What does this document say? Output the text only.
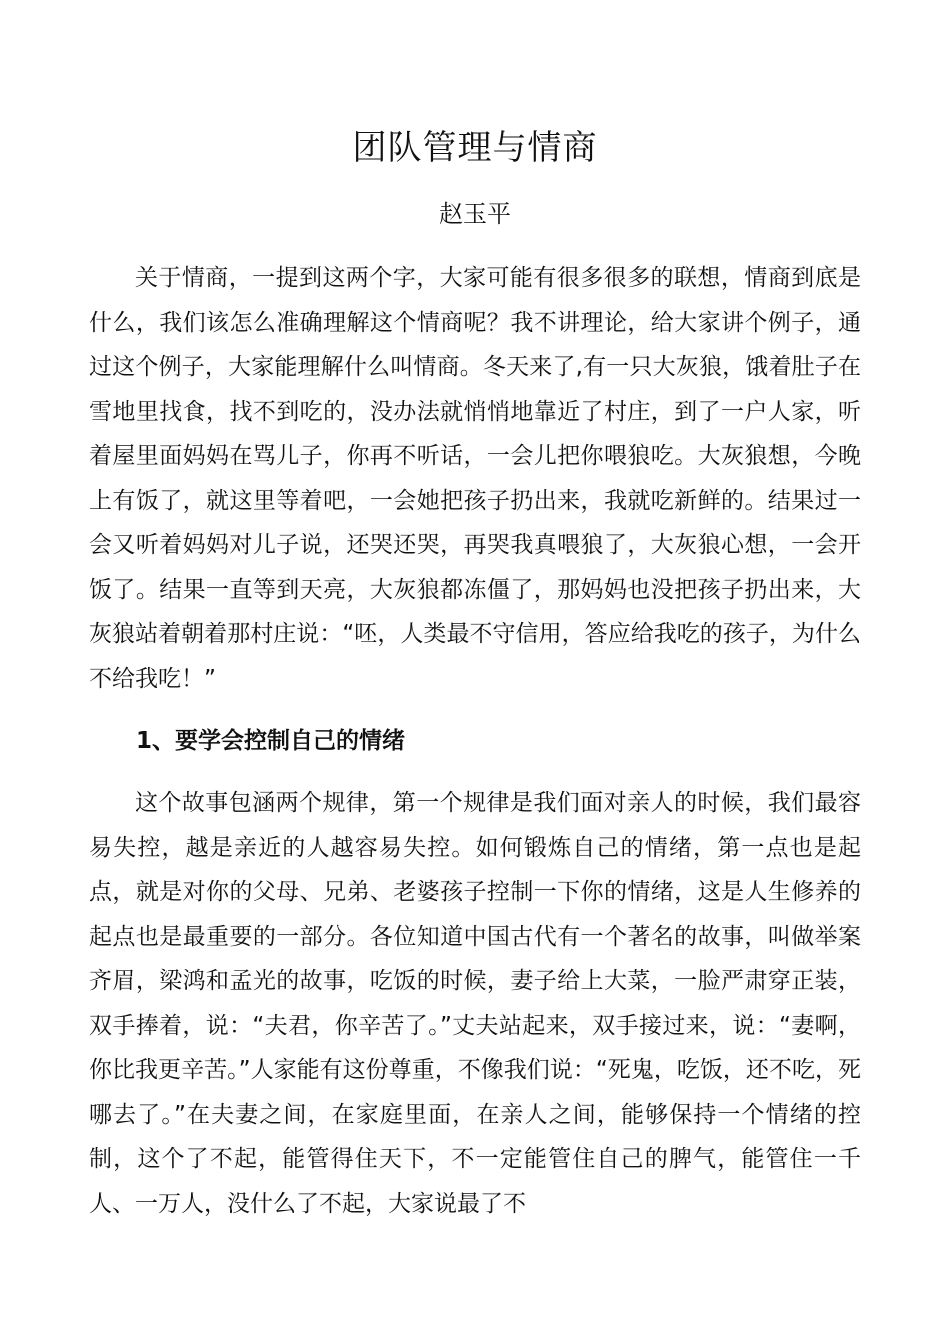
团队管理与情商

赵玉平

关于情商，一提到这两个字，大家可能有很多很多的联想，情商到底是什么，我们该怎么准确理解这个情商呢？我不讲理论，给大家讲个例子，通过这个例子，大家能理解什么叫情商。冬天来了,有一只大灰狼，饿着肚子在雪地里找食，找不到吃的，没办法就悄悄地靠近了村庄，到了一户人家，听着屋里面妈妈在骂儿子，你再不听话，一会儿把你喂狼吃。大灰狼想，今晚上有饭了，就这里等着吧，一会她把孩子扔出来，我就吃新鲜的。结果过一会又听着妈妈对儿子说，还哭还哭，再哭我真喂狼了，大灰狼心想，一会开饭了。结果一直等到天亮，大灰狼都冻僵了，那妈妈也没把孩子扔出来，大灰狼站着朝着那村庄说：“呸，人类最不守信用，答应给我吃的孩子，为什么不给我吃！”

1、要学会控制自己的情绪

这个故事包涵两个规律，第一个规律是我们面对亲人的时候，我们最容易失控，越是亲近的人越容易失控。如何锻炼自己的情绪，第一点也是起点，就是对你的父母、兄弟、老婆孩子控制一下你的情绪，这是人生修养的起点也是最重要的一部分。各位知道中国古代有一个著名的故事，叫做举案齐眉，梁鸿和孟光的故事，吃饭的时候，妻子给上大菜，一脸严肃穿正装，双手捧着，说：“夫君，你辛苦了。”丈夫站起来，双手接过来，说：“妻啊，你比我更辛苦。”人家能有这份尊重，不像我们说：“死鬼，吃饭，还不吃，死哪去了。”在夫妻之间，在家庭里面，在亲人之间，能够保持一个情绪的控制，这个了不起，能管得住天下，不一定能管住自己的脾气，能管住一千人、一万人，没什么了不起，大家说最了不
